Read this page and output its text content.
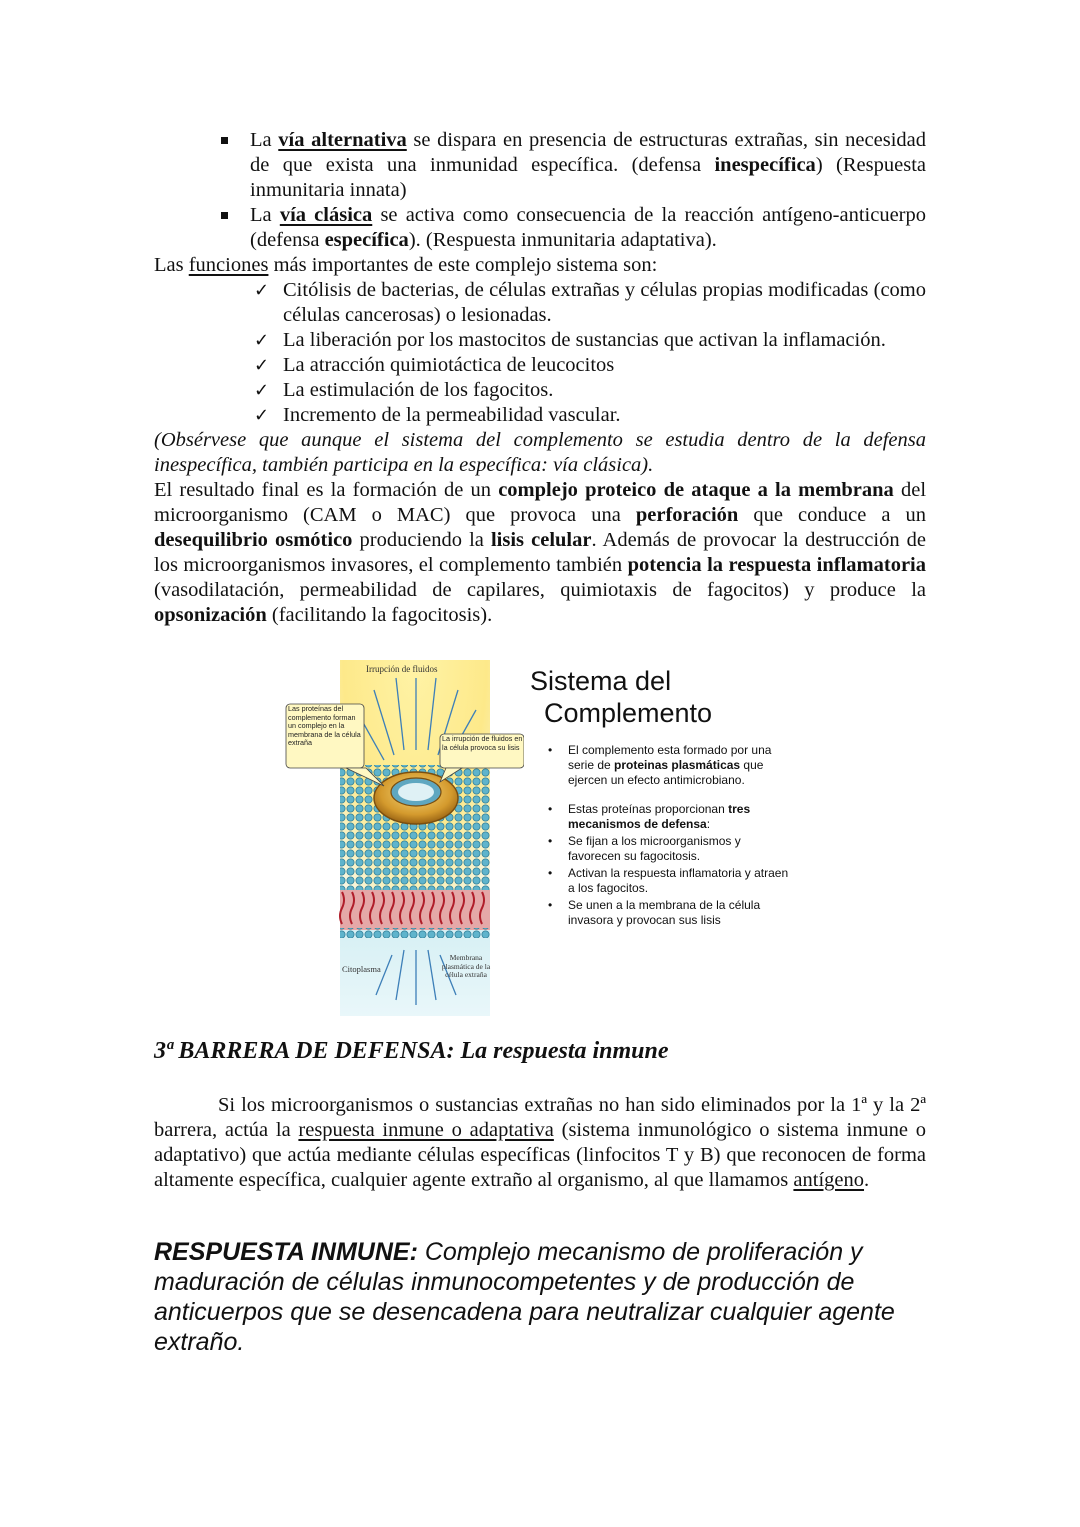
La vía alternativa se dispara en presencia de estructuras extrañas, sin necesidad de que exista una inmunidad específica. (defensa inespecífica) (Respuesta inmunitaria innata)
La vía clásica se activa como consecuencia de la reacción antígeno-anticuerpo (defensa específica). (Respuesta inmunitaria adaptativa).
Las funciones más importantes de este complejo sistema son:
✓ Citólisis de bacterias, de células extrañas y células propias modificadas (como células cancerosas) o lesionadas.
✓ La liberación por los mastocitos de sustancias que activan la inflamación.
✓ La atracción quimiotáctica de leucocitos
✓ La estimulación de los fagocitos.
✓ Incremento de la permeabilidad vascular.
(Obsérvese que aunque el sistema del complemento se estudia dentro de la defensa inespecífica, también participa en la específica: vía clásica).
El resultado final es la formación de un complejo proteico de ataque a la membrana del microorganismo (CAM o MAC) que provoca una perforación que conduce a un desequilibrio osmótico produciendo la lisis celular. Además de provocar la destrucción de los microorganismos invasores, el complemento también potencia la respuesta inflamatoria (vasodilatación, permeabilidad de capilares, quimiotaxis de fagocitos) y produce la opsonización (facilitando la fagocitosis).
Irrupción de fluidos
Las proteínas del complemento forman un complejo en la membrana de la célula extraña	La irrupción de fluidos en la célula provoca su lisis
Citoplasma
Membrana plasmática de la célula extraña
Sistema del
Complemento
• El complemento esta formado por una serie de proteinas plasmáticas que ejercen un efecto antimicrobiano.
• Estas proteínas proporcionan tres mecanismos de defensa:
• Se fijan a los microorganismos y favorecen su fagocitosis.
• Activan la respuesta inflamatoria y atraen a los fagocitos.
• Se unen a la membrana de la célula invasora y provocan sus lisis
3ª BARRERA DE DEFENSA: La respuesta inmune
Si los microorganismos o sustancias extrañas no han sido eliminados por la 1ª y la 2ª barrera, actúa la respuesta inmune o adaptativa (sistema inmunológico o sistema inmune o adaptativo) que actúa mediante células específicas (linfocitos T y B) que reconocen de forma altamente específica, cualquier agente extraño al organismo, al que llamamos antígeno.
RESPUESTA INMUNE: Complejo mecanismo de proliferación y maduración de células inmunocompetentes y de producción de anticuerpos que se desencadena para neutralizar cualquier agente extraño.
